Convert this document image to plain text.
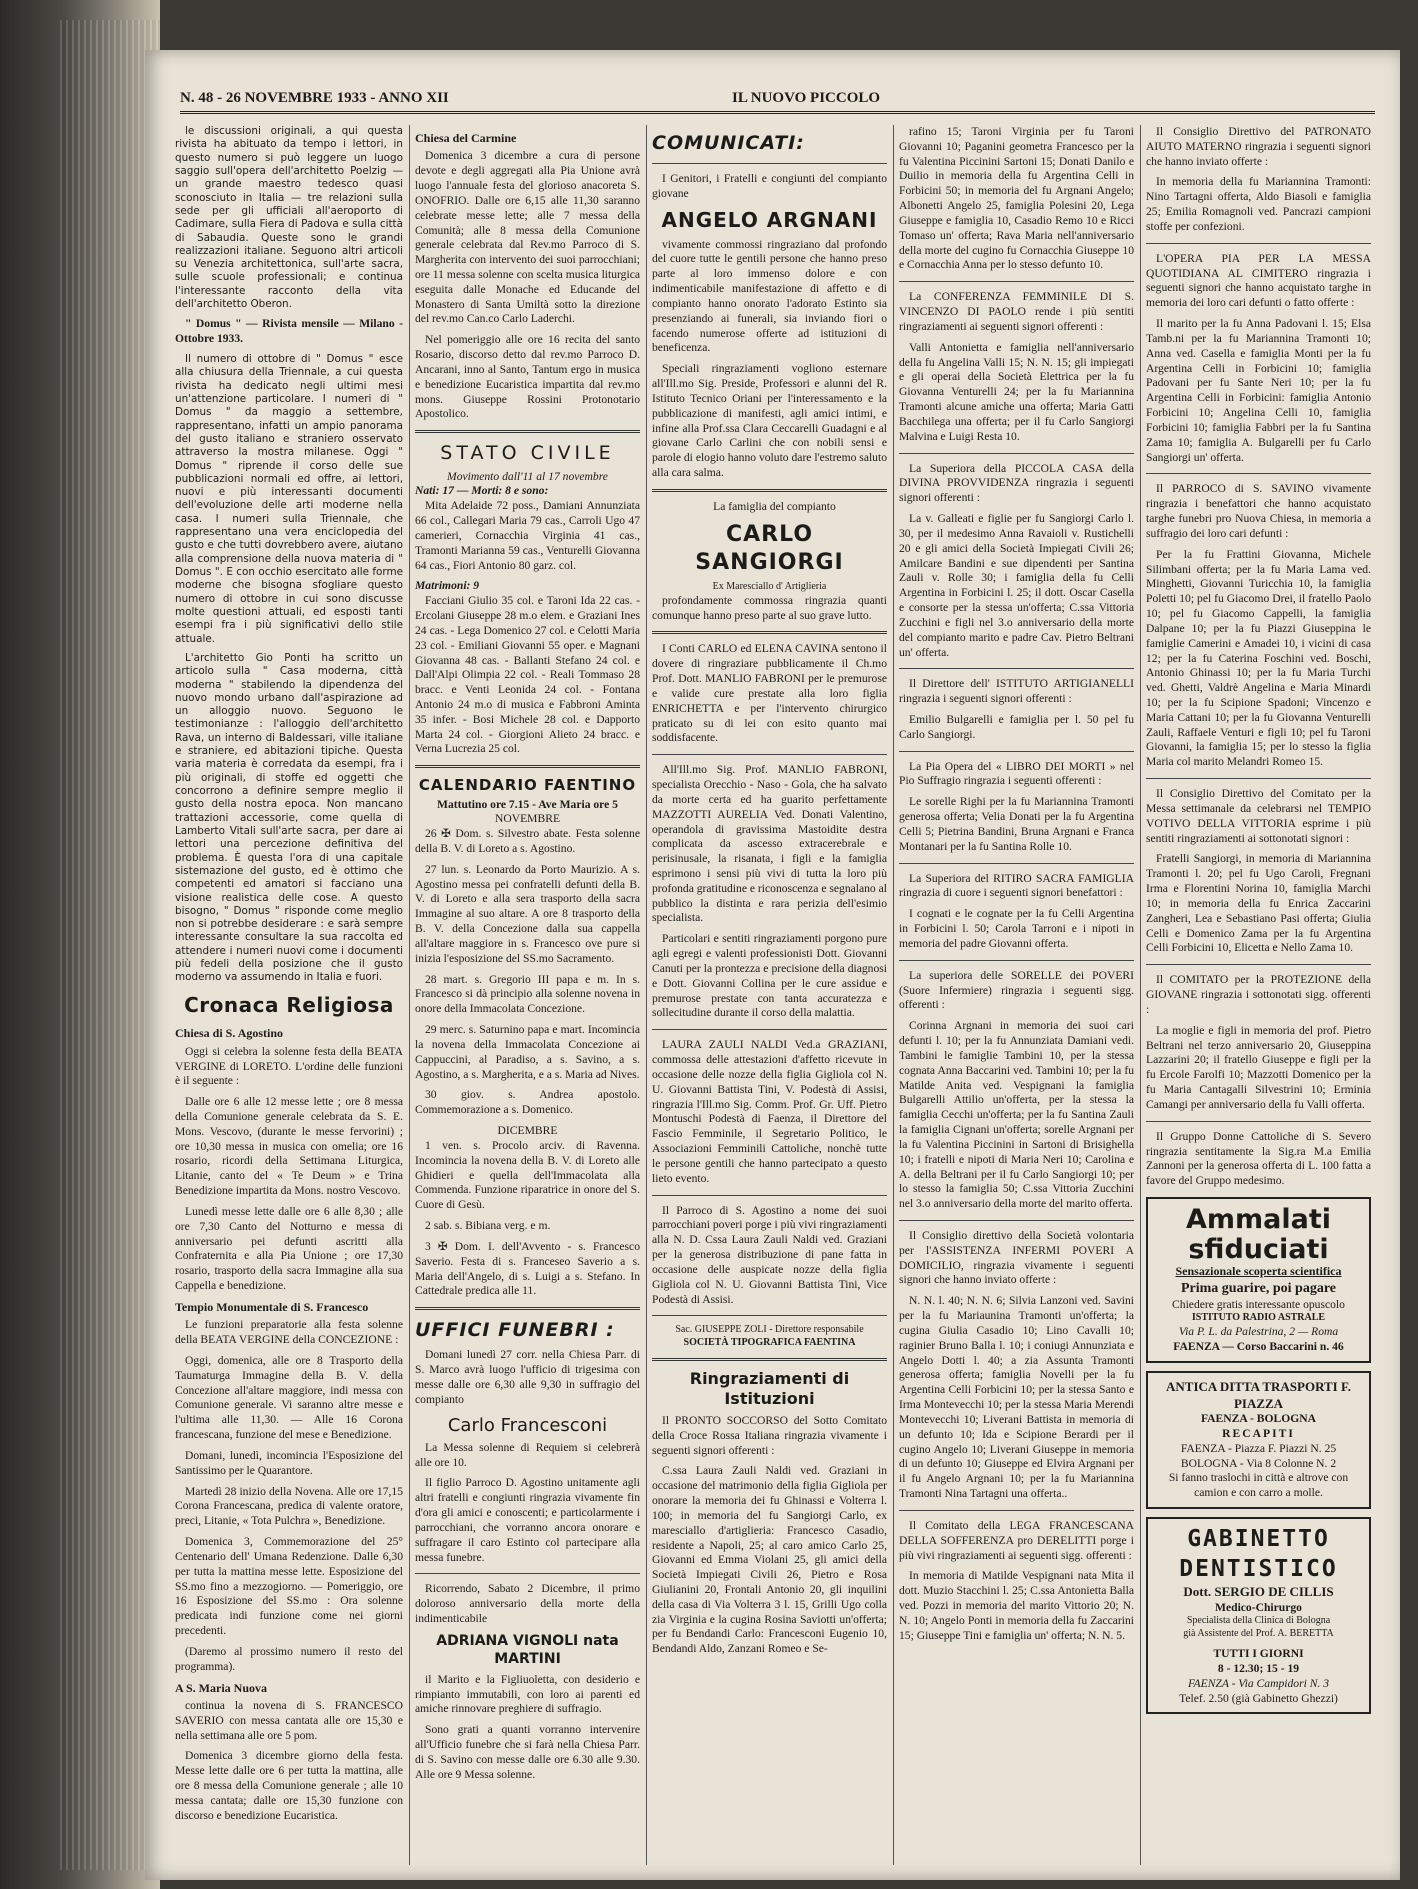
N. 48 - 26 NOVEMBRE 1933 - ANNO XII	IL NUOVO PICCOLO

le discussioni originali, a qui questa rivista ha abituato da tempo i lettori, in questo numero si può leggere un luogo saggio sull'opera dell'architetto Poelzig — un grande maestro tedesco quasi sconosciuto in Italia — tre relazioni sulla sede per gli ufficiali all'aeroporto di Cadimare, sulla Fiera di Padova e sulla città di Sabaudia. Queste sono le grandi realizzazioni italiane. Seguono altri articoli su Venezia architettonica, sull'arte sacra, sulle scuole professionali; e continua l'interessante racconto della vita dell'architetto Oberon.

" Domus " — Rivista mensile — Milano - Ottobre 1933.

Il numero di ottobre di " Domus " esce alla chiusura della Triennale, a cui questa rivista ha dedicato negli ultimi mesi un'attenzione particolare. I numeri di " Domus " da maggio a settembre, rappresentano, infatti un ampio panorama del gusto italiano e straniero osservato attraverso la mostra milanese. Oggi " Domus " riprende il corso delle sue pubblicazioni normali ed offre, ai lettori, nuovi e più interessanti documenti dell'evoluzione delle arti moderne nella casa. I numeri sulla Triennale, che rappresentano una vera enciclopedia del gusto e che tutti dovrebbero avere, aiutano alla comprensione della nuova materia di " Domus ". E con occhio esercitato alle forme moderne che bisogna sfogliare questo numero di ottobre in cui sono discusse molte questioni attuali, ed esposti tanti esempi fra i più significativi dello stile attuale.

L'architetto Gio Ponti ha scritto un articolo sulla " Casa moderna, città moderna " stabilendo la dipendenza del nuovo mondo urbano dall'aspirazione ad un alloggio nuovo. Seguono le testimonianze : l'alloggio dell'architetto Rava, un interno di Baldessari, ville italiane e straniere, ed abitazioni tipiche. Questa varia materia è corredata da esempi, fra i più originali, di stoffe ed oggetti che concorrono a definire sempre meglio il gusto della nostra epoca. Non mancano trattazioni accessorie, come quella di Lamberto Vitali sull'arte sacra, per dare ai lettori una percezione definitiva del problema. È questa l'ora di una capitale sistemazione del gusto, ed è ottimo che competenti ed amatori si facciano una visione realistica delle cose. A questo bisogno, " Domus " risponde come meglio non si potrebbe desiderare : e sarà sempre interessante consultare la sua raccolta ed attendere i numeri nuovi come i documenti più fedeli della posizione che il gusto moderno va assumendo in Italia e fuori.

Cronaca Religiosa
Chiesa di S. Agostino

Oggi si celebra la solenne festa della BEATA VERGINE di LORETO. L'ordine delle funzioni è il seguente :

Dalle ore 6 alle 12 messe lette ; ore 8 messa della Comunione generale celebrata da S. E. Mons. Vescovo, (durante le messe fervorini) ; ore 10,30 messa in musica con omelia; ore 16 rosario, ricordi della Settimana Liturgica, Litanie, canto del « Te Deum » e Trina Benedizione impartita da Mons. nostro Vescovo.

Lunedì messe lette dalle ore 6 alle 8,30 ; alle ore 7,30 Canto del Notturno e messa di anniversario pei defunti ascritti alla Confraternita e alla Pia Unione ; ore 17,30 rosario, trasporto della sacra Immagine alla sua Cappella e benedizione.

Tempio Monumentale di S. Francesco

Le funzioni preparatorie alla festa solenne della BEATA VERGINE della CONCEZIONE :

Oggi, domenica, alle ore 8 Trasporto della Taumaturga Immagine della B. V. della Concezione all'altare maggiore, indi messa con Comunione generale. Vi saranno altre messe e l'ultima alle 11,30. — Alle 16 Corona francescana, funzione del mese e Benedizione.

Domani, lunedì, incomincia l'Esposizione del Santissimo per le Quarantore.

Martedì 28 inizio della Novena. Alle ore 17,15 Corona Francescana, predica di valente oratore, preci, Litanie, « Tota Pulchra », Benedizione.

Domenica 3, Commemorazione del 25° Centenario dell' Umana Redenzione. Dalle 6,30 per tutta la mattina messe lette. Esposizione del SS.mo fino a mezzogiorno. — Pomeriggio, ore 16 Esposizione del SS.mo : Ora solenne predicata indi funzione come nei giorni precedenti.

(Daremo al prossimo numero il resto del programma).

A S. Maria Nuova

continua la novena di S. FRANCESCO SAVERIO con messa cantata alle ore 15,30 e nella settimana alle ore 5 pom.

Domenica 3 dicembre giorno della festa. Messe lette dalle ore 6 per tutta la mattina, alle ore 8 messa della Comunione generale ; alle 10 messa cantata; dalle ore 15,30 funzione con discorso e benedizione Eucaristica.

Chiesa del Carmine

Domenica 3 dicembre a cura di persone devote e degli aggregati alla Pia Unione avrà luogo l'annuale festa del glorioso anacoreta S. ONOFRIO. Dalle ore 6,15 alle 11,30 saranno celebrate messe lette; alle 7 messa della Comunità; alle 8 messa della Comunione generale celebrata dal Rev.mo Parroco di S. Margherita con intervento dei suoi parrocchiani; ore 11 messa solenne con scelta musica liturgica eseguita dalle Monache ed Educande del Monastero di Santa Umiltà sotto la direzione del rev.mo Can.co Carlo Laderchi.

Nel pomeriggio alle ore 16 recita del santo Rosario, discorso detto dal rev.mo Parroco D. Ancarani, inno al Santo, Tantum ergo in musica e benedizione Eucaristica impartita dal rev.mo mons. Giuseppe Rossini Protonotario Apostolico.

STATO CIVILE
Movimento dall'11 al 17 novembre
Nati: 17 — Morti: 8 e sono:

Mita Adelaide 72 poss., Damiani Annunziata 66 col., Callegari Maria 79 cas., Carroli Ugo 47 camerieri, Cornacchia Virginia 41 cas., Tramonti Marianna 59 cas., Venturelli Giovanna 64 cas., Fiori Antonio 80 garz. col.

Matrimoni: 9

Facciani Giulio 35 col. e Taroni Ida 22 cas. - Ercolani Giuseppe 28 m.o elem. e Graziani Ines 24 cas. - Lega Domenico 27 col. e Celotti Maria 23 col. - Emiliani Giovanni 55 oper. e Magnani Giovanna 48 cas. - Ballanti Stefano 24 col. e Dall'Alpi Olimpia 22 col. - Reali Tommaso 28 bracc. e Venti Leonida 24 col. - Fontana Antonio 24 m.o di musica e Fabbroni Aminta 35 infer. - Bosi Michele 28 col. e Dapporto Marta 24 col. - Giorgioni Alieto 24 bracc. e Verna Lucrezia 25 col.

CALENDARIO FAENTINO
Mattutino ore 7.15 - Ave Maria ore 5
NOVEMBRE

26 ✠ Dom. s. Silvestro abate. Festa solenne della B. V. di Loreto a s. Agostino.

27 lun. s. Leonardo da Porto Maurizio. A s. Agostino messa pei confratelli defunti della B. V. di Loreto e alla sera trasporto della sacra Immagine al suo altare. A ore 8 trasporto della B. V. della Concezione dalla sua cappella all'altare maggiore in s. Francesco ove pure si inizia l'esposizione del SS.mo Sacramento.

28 mart. s. Gregorio III papa e m. In s. Francesco si dà principio alla solenne novena in onore della Immacolata Concezione.

29 merc. s. Saturnino papa e mart. Incomincia la novena della Immacolata Concezione ai Cappuccini, al Paradiso, a s. Savino, a s. Agostino, a s. Margherita, e a s. Maria ad Nives.

30 giov. s. Andrea apostolo. Commemorazione a s. Domenico.

DICEMBRE

1 ven. s. Procolo arciv. di Ravenna. Incomincia la novena della B. V. di Loreto alle Ghidieri e quella dell'Immacolata alla Commenda. Funzione riparatrice in onore del S. Cuore di Gesù.

2 sab. s. Bibiana verg. e m.

3 ✠ Dom. I. dell'Avvento - s. Francesco Saverio. Festa di s. Franceseo Saverio a s. Maria dell'Angelo, di s. Luigi a s. Stefano. In Cattedrale predica alle 11.

UFFICI FUNEBRI :

Domani lunedì 27 corr. nella Chiesa Parr. di S. Marco avrà luogo l'ufficio di trigesima con messe dalle ore 6,30 alle 9,30 in suffragio del compianto

Carlo Francesconi

La Messa solenne di Requiem si celebrerà alle ore 10.

Il figlio Parroco D. Agostino unitamente agli altri fratelli e congiunti ringrazia vivamente fin d'ora gli amici e conoscenti; e particolarmente i parrocchiani, che vorranno ancora onorare e suffragare il caro Estinto col partecipare alla messa funebre.

Ricorrendo, Sabato 2 Dicembre, il primo doloroso anniversario della morte della indimenticabile

ADRIANA VIGNOLI nata MARTINI

il Marito e la Figliuoletta, con desiderio e rimpianto immutabili, con loro ai parenti ed amiche rinnovare preghiere di suffragio.

Sono grati a quanti vorranno intervenire all'Ufficio funebre che si farà nella Chiesa Parr. di S. Savino con messe dalle ore 6.30 alle 9.30. Alle ore 9 Messa solenne.

COMUNICATI:

I Genitori, i Fratelli e congiunti del compianto giovane

ANGELO ARGNANI

vivamente commossi ringraziano dal profondo del cuore tutte le gentili persone che hanno preso parte al loro immenso dolore e con indimenticabile manifestazione di affetto e di compianto hanno onorato l'adorato Estinto sia presenziando ai funerali, sia inviando fiori o facendo numerose offerte ad istituzioni di beneficenza.

Speciali ringraziamenti vogliono esternare all'Ill.mo Sig. Preside, Professori e alunni del R. Istituto Tecnico Oriani per l'interessamento e la pubblicazione di manifesti, agli amici intimi, e infine alla Prof.ssa Clara Ceccarelli Guadagni e al giovane Carlo Carlini che con nobili sensi e parole di elogio hanno voluto dare l'estremo saluto alla cara salma.

La famiglia del compianto

CARLO SANGIORGI
Ex Maresciallo d' Artiglieria

profondamente commossa ringrazia quanti comunque hanno preso parte al suo grave lutto.

I Conti CARLO ed ELENA CAVINA sentono il dovere di ringraziare pubblicamente il Ch.mo Prof. Dott. MANLIO FABRONI per le premurose e valide cure prestate alla loro figlia ENRICHETTA e per l'intervento chirurgico praticato su di lei con esito quanto mai soddisfacente.

All'Ill.mo Sig. Prof. MANLIO FABRONI, specialista Orecchio - Naso - Gola, che ha salvato da morte certa ed ha guarito perfettamente MAZZOTTI AURELIA Ved. Donati Valentino, operandola di gravissima Mastoidite destra complicata da ascesso extracerebrale e perisinusale, la risanata, i figli e la famiglia esprimono i sensi più vivi di tutta la loro più profonda gratitudine e riconoscenza e segnalano al pubblico la distinta e rara perizia dell'esimio specialista.

Particolari e sentiti ringraziamenti porgono pure agli egregi e valenti professionisti Dott. Giovanni Canuti per la prontezza e precisione della diagnosi e Dott. Giovanni Collina per le cure assidue e premurose prestate con tanta accuratezza e sollecitudine durante il corso della malattia.

LAURA ZAULI NALDI Ved.a GRAZIANI, commossa delle attestazioni d'affetto ricevute in occasione delle nozze della figlia Gigliola col N. U. Giovanni Battista Tini, V. Podestà di Assisi, ringrazia l'Ill.mo Sig. Comm. Prof. Gr. Uff. Pietro Montuschi Podestà di Faenza, il Direttore del Fascio Femminile, il Segretario Politico, le Associazioni Femminili Cattoliche, nonchè tutte le persone gentili che hanno partecipato a questo lieto evento.

Il Parroco di S. Agostino a nome dei suoi parrocchiani poveri porge i più vivi ringraziamenti alla N. D. Cssa Laura Zauli Naldi ved. Graziani per la generosa distribuzione di pane fatta in occasione delle auspicate nozze della figlia Gigliola col N. U. Giovanni Battista Tini, Vice Podestà di Assisi.

Sac. GIUSEPPE ZOLI - Direttore responsabile
SOCIETÀ TIPOGRAFICA FAENTINA
Ringraziamenti di Istituzioni

Il PRONTO SOCCORSO del Sotto Comitato della Croce Rossa Italiana ringrazia vivamente i seguenti signori offerenti :

C.ssa Laura Zauli Naldi ved. Graziani in occasione del matrimonio della figlia Gigliola per onorare la memoria dei fu Ghinassi e Volterra l. 100; in memoria del fu Sangiorgi Carlo, ex maresciallo d'artiglieria: Francesco Casadio, residente a Napoli, 25; al caro amico Carlo 25, Giovanni ed Emma Violani 25, gli amici della Società Impiegati Civili 26, Pietro e Rosa Giulianini 20, Frontali Antonio 20, gli inquilini della casa di Via Volterra 3 l. 15, Grilli Ugo colla zia Virginia e la cugina Rosina Saviotti un'offerta; per fu Bendandi Carlo: Francesconi Eugenio 10, Bendandi Aldo, Zanzani Romeo e Se-

rafino 15; Taroni Virginia per fu Taroni Giovanni 10; Paganini geometra Francesco per la fu Valentina Piccinini Sartoni 15; Donati Danilo e Duilio in memoria della fu Argentina Celli in Forbicini 50; in memoria del fu Argnani Angelo; Albonetti Angelo 25, famiglia Polesini 20, Lega Giuseppe e famiglia 10, Casadio Remo 10 e Ricci Tomaso un' offerta; Rava Maria nell'anniversario della morte del cugino fu Cornacchia Giuseppe 10 e Cornacchia Anna per lo stesso defunto 10.

La CONFERENZA FEMMINILE DI S. VINCENZO DI PAOLO rende i più sentiti ringraziamenti ai seguenti signori offerenti :

Valli Antonietta e famiglia nell'anniversario della fu Angelina Valli 15; N. N. 15; gli impiegati e gli operai della Società Elettrica per la fu Giovanna Venturelli 24; per la fu Mariannina Tramonti alcune amiche una offerta; Maria Gatti Bacchilega una offerta; per il fu Carlo Sangiorgi Malvina e Luigi Resta 10.

La Superiora della PICCOLA CASA della DIVINA PROVVIDENZA ringrazia i seguenti signori offerenti :

La v. Galleati e figlie per fu Sangiorgi Carlo l. 30, per il medesimo Anna Ravaioli v. Rustichelli 20 e gli amici della Società Impiegati Civili 26; Amilcare Bandini e sue dipendenti per Santina Zauli v. Rolle 30; i famiglia della fu Celli Argentina in Forbicini l. 25; il dott. Oscar Casella e consorte per la stessa un'offerta; C.ssa Vittoria Zucchini e figli nel 3.o anniversario della morte del compianto marito e padre Cav. Pietro Beltrani un' offerta.

Il Direttore dell' ISTITUTO ARTIGIANELLI ringrazia i seguenti signori offerenti :

Emilio Bulgarelli e famiglia per l. 50 pel fu Carlo Sangiorgi.

La Pia Opera del « LIBRO DEI MORTI » nel Pio Suffragio ringrazia i seguenti offerenti :

Le sorelle Righi per la fu Mariannina Tramonti generosa offerta; Velia Donati per la fu Argentina Celli 5; Pietrina Bandini, Bruna Argnani e Franca Montanari per la fu Santina Rolle 10.

La Superiora del RITIRO SACRA FAMIGLIA ringrazia di cuore i seguenti signori benefattori :

I cognati e le cognate per la fu Celli Argentina in Forbicini l. 50; Carola Tarroni e i nipoti in memoria del padre Giovanni offerta.

La superiora delle SORELLE dei POVERI (Suore Infermiere) ringrazia i seguenti sigg. offerenti :

Corinna Argnani in memoria dei suoi cari defunti l. 10; per la fu Annunziata Damiani vedi. Tambini le famiglie Tambini 10, per la stessa cognata Anna Baccarini ved. Tambini 10; per la fu Matilde Anita ved. Vespignani la famiglia Bulgarelli Attilio un'offerta, per la stessa la famiglia Cecchi un'offerta; per la fu Santina Zauli la famiglia Cignani un'offerta; sorelle Argnani per la fu Valentina Piccinini in Sartoni di Brisighella 10; i fratelli e nipoti di Maria Neri 10; Carolina e A. della Beltrani per il fu Carlo Sangiorgi 10; per lo stesso la famiglia 50; C.ssa Vittoria Zucchini nel 3.o anniversario della morte del marito offerta.

Il Consiglio direttivo della Società volontaria per l'ASSISTENZA INFERMI POVERI A DOMICILIO, ringrazia vivamente i seguenti signori che hanno inviato offerte :

N. N. l. 40; N. N. 6; Silvia Lanzoni ved. Savini per la fu Mariaunina Tramonti un'offerta; la cugina Giulia Casadio 10; Lino Cavalli 10; raginier Bruno Balla l. 10; i coniugi Annunziata e Angelo Dotti l. 40; a zia Assunta Tramonti generosa offerta; famiglia Novelli per la fu Argentina Celli Forbicini 10; per la stessa Santo e Irma Montevecchi 10; per la stessa Maria Merendi Montevecchi 10; Liverani Battista in memoria di un defunto 10; Ida e Scipione Berardi per il cugino Angelo 10; Liverani Giuseppe in memoria di un defunto 10; Giuseppe ed Elvira Argnani per il fu Angelo Argnani 10; per la fu Mariannina Tramonti Nina Tartagni una offerta..

Il Comitato della LEGA FRANCESCANA DELLA SOFFERENZA pro DERELITTI porge i più vivi ringraziamenti ai seguenti sigg. offerenti :

In memoria di Matilde Vespignani nata Mita il dott. Muzio Stacchini l. 25; C.ssa Antonietta Balla ved. Pozzi in memoria del marito Vittorio 20; N. N. 10; Angelo Ponti in memoria della fu Zaccarini 15; Giuseppe Tini e famiglia un' offerta; N. N. 5.

Il Consiglio Direttivo del PATRONATO AIUTO MATERNO ringrazia i seguenti signori che hanno inviato offerte :

In memoria della fu Mariannina Tramonti: Nino Tartagni offerta, Aldo Biasoli e famiglia 25; Emilia Romagnoli ved. Pancrazi campioni stoffe per confezioni.

L'OPERA PIA PER LA MESSA QUOTIDIANA AL CIMITERO ringrazia i seguenti signori che hanno acquistato targhe in memoria dei loro cari defunti o fatto offerte :

Il marito per la fu Anna Padovani l. 15; Elsa Tamb.ni per la fu Mariannina Tramonti 10; Anna ved. Casella e famiglia Monti per la fu Argentina Celli in Forbicini 10; famiglia Padovani per fu Sante Neri 10; per la fu Argentina Celli in Forbicini: famiglia Antonio Forbicini 10; Angelina Celli 10, famiglia Forbicini 10; famiglia Fabbri per la fu Santina Zama 10; famiglia A. Bulgarelli per fu Carlo Sangiorgi un' offerta.

Il PARROCO di S. SAVINO vivamente ringrazia i benefattori che hanno acquistato targhe funebri pro Nuova Chiesa, in memoria a suffragio dei loro cari defunti :

Per la fu Frattini Giovanna, Michele Silimbani offerta; per la fu Maria Lama ved. Minghetti, Giovanni Turicchia 10, la famiglia Poletti 10; pel fu Giacomo Drei, il fratello Paolo 10; pel fu Giacomo Cappelli, la famiglia Dalpane 10; per la fu Piazzi Giuseppina le famiglie Camerini e Amadei 10, i vicini di casa 12; per la fu Caterina Foschini ved. Boschi, Antonio Ghinassi 10; per la fu Maria Turchi ved. Ghetti, Valdrè Angelina e Maria Minardi 10; per la fu Scipione Spadoni; Vincenzo e Maria Cattani 10; per la fu Giovanna Venturelli Zauli, Raffaele Venturi e figli 10; pel fu Taroni Giovanni, la famiglia 15; per lo stesso la figlia Maria col marito Melandri Romeo 15.

Il Consiglio Direttivo del Comitato per la Messa settimanale da celebrarsi nel TEMPIO VOTIVO DELLA VITTORIA esprime i più sentiti ringraziamenti ai sottonotati signori :

Fratelli Sangiorgi, in memoria di Mariannina Tramonti l. 20; pel fu Ugo Caroli, Fregnani Irma e Florentini Norina 10, famiglia Marchi 10; in memoria della fu Enrica Zaccarini Zangheri, Lea e Sebastiano Pasi offerta; Giulia Celli e Domenico Zama per la fu Argentina Celli Forbicini 10, Elicetta e Nello Zama 10.

Il COMITATO per la PROTEZIONE della GIOVANE ringrazia i sottonotati sigg. offerenti :

La moglie e figli in memoria del prof. Pietro Beltrani nel terzo anniversario 20, Giuseppina Lazzarini 20; il fratello Giuseppe e figli per la fu Ercole Farolfi 10; Mazzotti Domenico per la fu Maria Cantagalli Silvestrini 10; Erminia Camangi per anniversario della fu Valli offerta.

Il Gruppo Donne Cattoliche di S. Severo ringrazia sentitamente la Sig.ra M.a Emilia Zannoni per la generosa offerta di L. 100 fatta a favore del Gruppo medesimo.

Ammalati sfiduciati
Sensazionale scoperta scientifica
Prima guarire, poi pagare
Chiedere gratis interessante opuscolo
ISTITUTO RADIO ASTRALE
Via P. L. da Palestrina, 2 — Roma
FAENZA — Corso Baccarini n. 46
ANTICA DITTA TRASPORTI F. PIAZZA
FAENZA - BOLOGNA
RECAPITI
FAENZA - Piazza F. Piazzi N. 25
BOLOGNA - Via 8 Colonne N. 2
Si fanno traslochi in città e altrove con camion e con carro a molle.
GABINETTO
DENTISTICO
Dott. SERGIO DE CILLIS
Medico-Chirurgo
Specialista della Clinica di Bologna
già Assistente del Prof. A. BERETTA
TUTTI I GIORNI
8 - 12.30; 15 - 19
FAENZA - Via Campidori N. 3
Telef. 2.50 (già Gabinetto Ghezzi)
